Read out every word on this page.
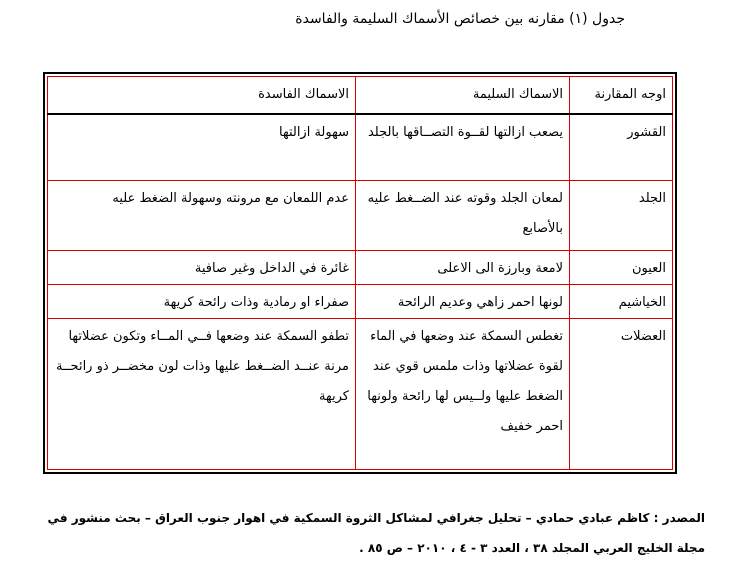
جدول (١) مقارنه بين خصائص الأسماك السليمة والفاسدة
اوجه المقارنة	الاسماك السليمة	الاسماك الفاسدة
القشور	يصعب ازالتها لقــوة التصــاقها بالجلد	سهولة ازالتها
الجلد	لمعان الجلد وقوته عند الضــغط عليه بالأصابع	عدم اللمعان مع مرونته وسهولة الضغط عليه
العيون	لامعة وبارزة الى الاعلى	غائرة في الداخل وغير صافية
الخياشيم	لونها احمر زاهي وعديم الرائحة	صفراء او رمادية وذات رائحة كريهة
العضلات	تغطس السمكة عند وضعها في الماء لقوة عضلاتها وذات ملمس قوي عند الضغط عليها ولــيس لها رائحة ولونها احمر خفيف	تطفو السمكة عند وضعها فــي المــاء وتكون عضلاتها مرنة عنــد الضــغط عليها وذات لون مخضــر ذو رائحــة كريهة

المصدر : كاظم عبادي حمادي – تحليل جغرافي لمشاكل الثروة السمكية في اهوار جنوب العراق – بحث منشور في

مجلة الخليج العربي المجلد ٣٨ ، العدد ٣ - ٤ ، ٢٠١٠ – ص ٨٥ .
